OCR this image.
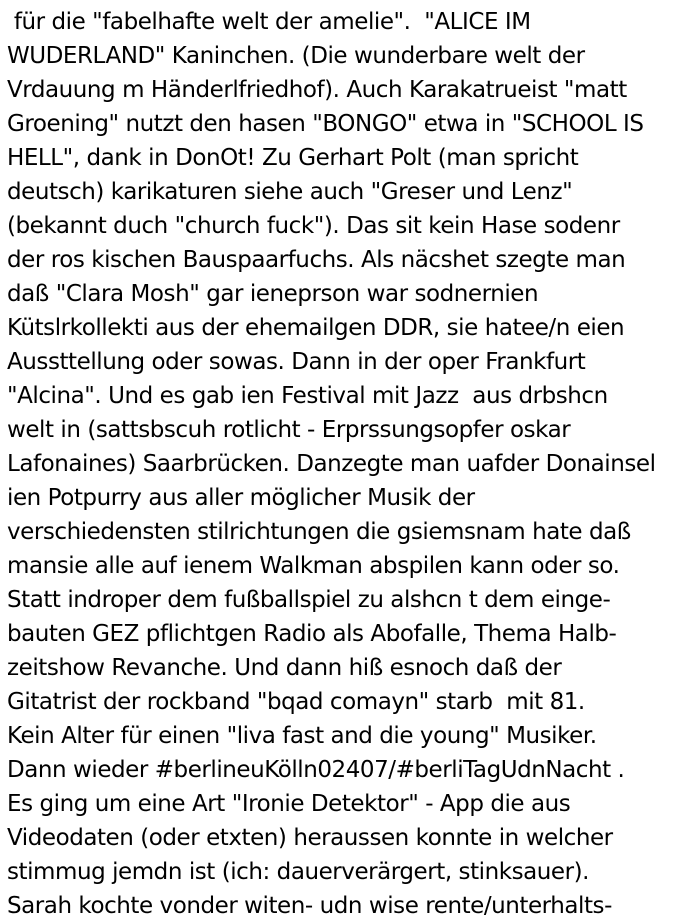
für die "fabelhafte welt der amelie".  "ALICE IM
WUDERLAND" Kaninchen. (Die wunderbare welt der
Vrdauung m Händerlfriedhof). Auch Karakatrueist "matt
Groening" nutzt den hasen "BONGO" etwa in "SCHOOL IS
HELL", dank in DonOt! Zu Gerhart Polt (man spricht
deutsch) karikaturen siehe auch "Greser und Lenz"
(bekannt duch "church fuck"). Das sit kein Hase sodenr
der ros kischen Bauspaarfuchs. Als näcshet szegte man
daß "Clara Mosh" gar ieneprson war sodnernien
Kütslrkollekti aus der ehemailgen DDR, sie hatee/n eien
Aussttellung oder sowas. Dann in der oper Frankfurt
"Alcina". Und es gab ien Festival mit Jazz  aus drbshcn
welt in (sattsbscuh rotlicht - Erprssungsopfer oskar
Lafonaines) Saarbrücken. Danzegte man uafder Donainsel
ien Potpurry aus aller möglicher Musik der
verschiedensten stilrichtungen die gsiemsnam hate daß
mansie alle auf ienem Walkman abspilen kann oder so.
Statt indroper dem fußballspiel zu alshcn t dem einge-
bauten GEZ pflichtgen Radio als Abofalle, Thema Halb-
zeitshow Revanche. Und dann hiß esnoch daß der
Gitatrist der rockband "bqad comayn" starb  mit 81.
Kein Alter für einen "liva fast and die young" Musiker.
Dann wieder #berlineuKölln02407/#berliTagUdnNacht .
Es ging um eine Art "Ironie Detektor" - App die aus
Videodaten (oder etxten) heraussen konnte in welcher
stimmug jemdn ist (ich: dauerverärgert, stinksauer).
Sarah kochte vonder witen- udn wise rente/unterhalts-
